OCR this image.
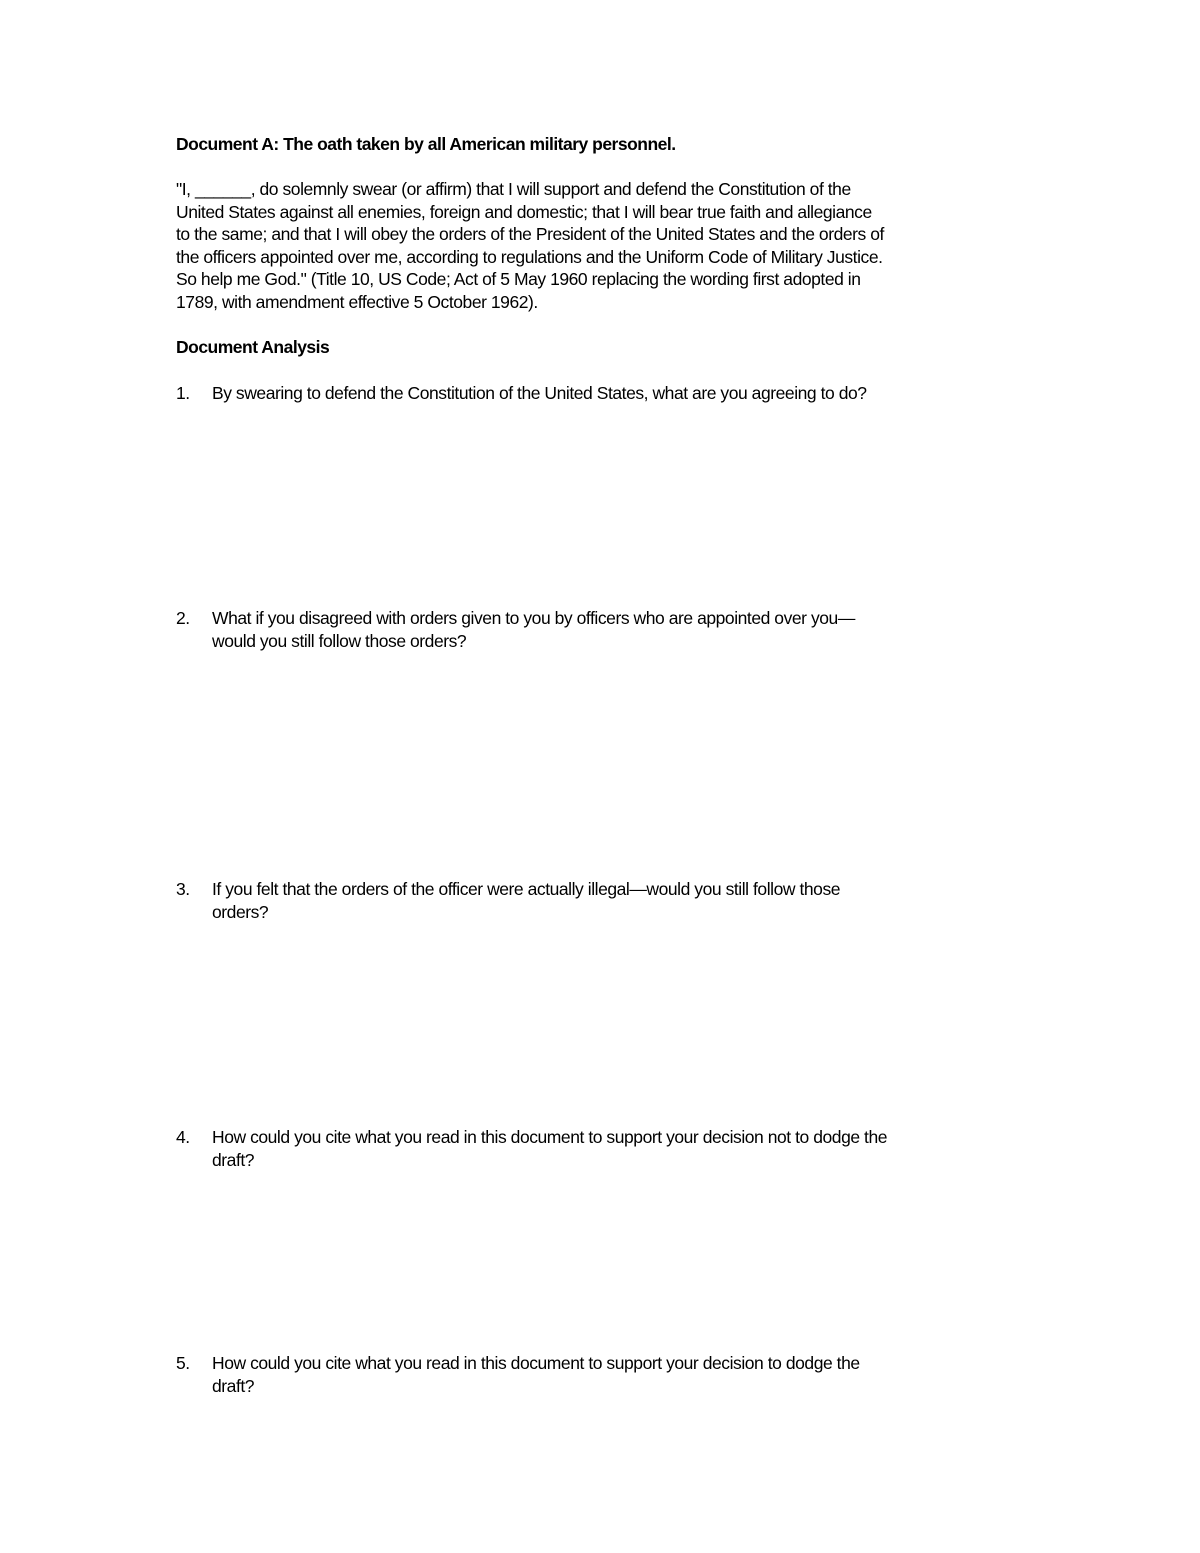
Document A: The oath taken by all American military personnel.
"I, ______, do solemnly swear (or affirm) that I will support and defend the Constitution of the
United States against all enemies, foreign and domestic; that I will bear true faith and allegiance
to the same; and that I will obey the orders of the President of the United States and the orders of
the officers appointed over me, according to regulations and the Uniform Code of Military Justice.
So help me God." (Title 10, US Code; Act of 5 May 1960 replacing the wording first adopted in
1789, with amendment effective 5 October 1962).
Document Analysis
1. By swearing to defend the Constitution of the United States, what are you agreeing to do?
2. What if you disagreed with orders given to you by officers who are appointed over you—
would you still follow those orders?
3. If you felt that the orders of the officer were actually illegal—would you still follow those
orders?
4. How could you cite what you read in this document to support your decision not to dodge the
draft?
5. How could you cite what you read in this document to support your decision to dodge the
draft?
